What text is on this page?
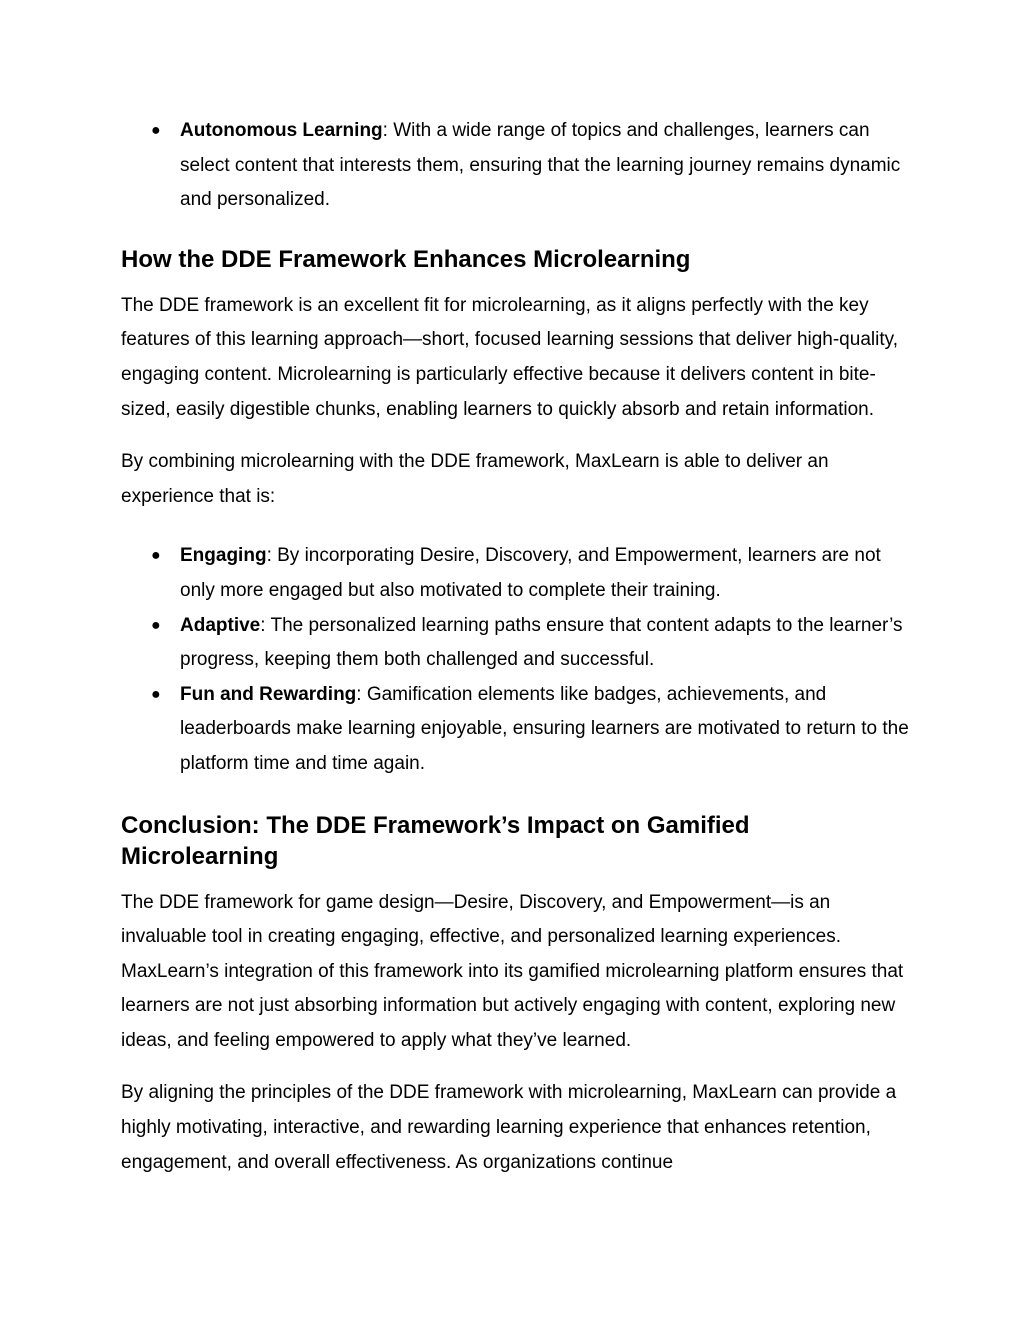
● Autonomous Learning: With a wide range of topics and challenges, learners can select content that interests them, ensuring that the learning journey remains dynamic and personalized.
How the DDE Framework Enhances Microlearning

The DDE framework is an excellent fit for microlearning, as it aligns perfectly with the key features of this learning approach—short, focused learning sessions that deliver high-quality, engaging content. Microlearning is particularly effective because it delivers content in bite-sized, easily digestible chunks, enabling learners to quickly absorb and retain information.

By combining microlearning with the DDE framework, MaxLearn is able to deliver an experience that is:

● Engaging: By incorporating Desire, Discovery, and Empowerment, learners are not only more engaged but also motivated to complete their training.
● Adaptive: The personalized learning paths ensure that content adapts to the learner’s progress, keeping them both challenged and successful.
● Fun and Rewarding: Gamification elements like badges, achievements, and leaderboards make learning enjoyable, ensuring learners are motivated to return to the platform time and time again.
Conclusion: The DDE Framework’s Impact on Gamified Microlearning

The DDE framework for game design—Desire, Discovery, and Empowerment—is an invaluable tool in creating engaging, effective, and personalized learning experiences. MaxLearn’s integration of this framework into its gamified microlearning platform ensures that learners are not just absorbing information but actively engaging with content, exploring new ideas, and feeling empowered to apply what they’ve learned.

By aligning the principles of the DDE framework with microlearning, MaxLearn can provide a highly motivating, interactive, and rewarding learning experience that enhances retention, engagement, and overall effectiveness. As organizations continue
